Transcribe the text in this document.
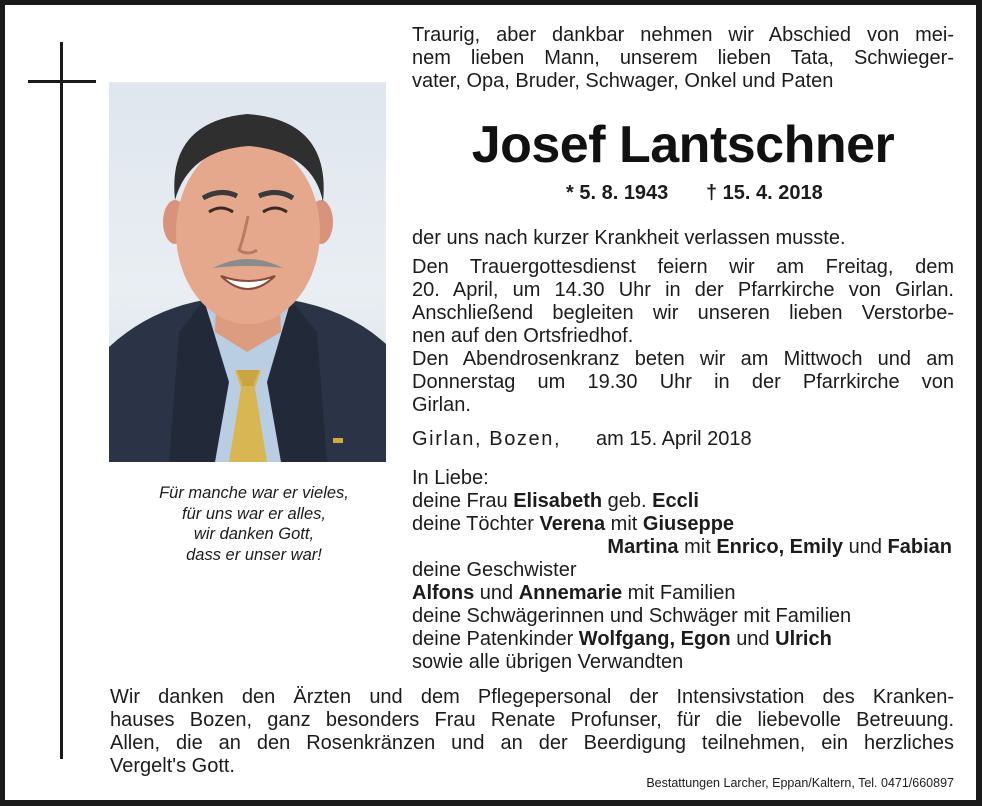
Für manche war er vieles,
für uns war er alles,
wir danken Gott,
dass er unser war!
Traurig, aber dankbar nehmen wir Abschied von mei-
nem lieben Mann, unserem lieben Tata, Schwieger-
vater, Opa, Bruder, Schwager, Onkel und Paten
Josef Lantschner
* 5. 8. 1943 † 15. 4. 2018
der uns nach kurzer Krankheit verlassen musste.
Den Trauergottesdienst feiern wir am Freitag, dem
20. April, um 14.30 Uhr in der Pfarrkirche von Girlan.
Anschließend begleiten wir unseren lieben Verstorbe-
nen auf den Ortsfriedhof.
Den Abendrosenkranz beten wir am Mittwoch und am
Donnerstag um 19.30 Uhr in der Pfarrkirche von
Girlan.
Girlan, Bozen, am 15. April 2018
In Liebe:
deine Frau Elisabeth geb. Eccli
deine Töchter Verena mit Giuseppe
Martina mit Enrico, Emily und Fabian
deine Geschwister
Alfons und Annemarie mit Familien
deine Schwägerinnen und Schwäger mit Familien
deine Patenkinder Wolfgang, Egon und Ulrich
sowie alle übrigen Verwandten
Wir danken den Ärzten und dem Pflegepersonal der Intensivstation des Kranken-
hauses Bozen, ganz besonders Frau Renate Profunser, für die liebevolle Betreuung.
Allen, die an den Rosenkränzen und an der Beerdigung teilnehmen, ein herzliches
Vergelt's Gott.
Bestattungen Larcher, Eppan/Kaltern, Tel. 0471/660897
